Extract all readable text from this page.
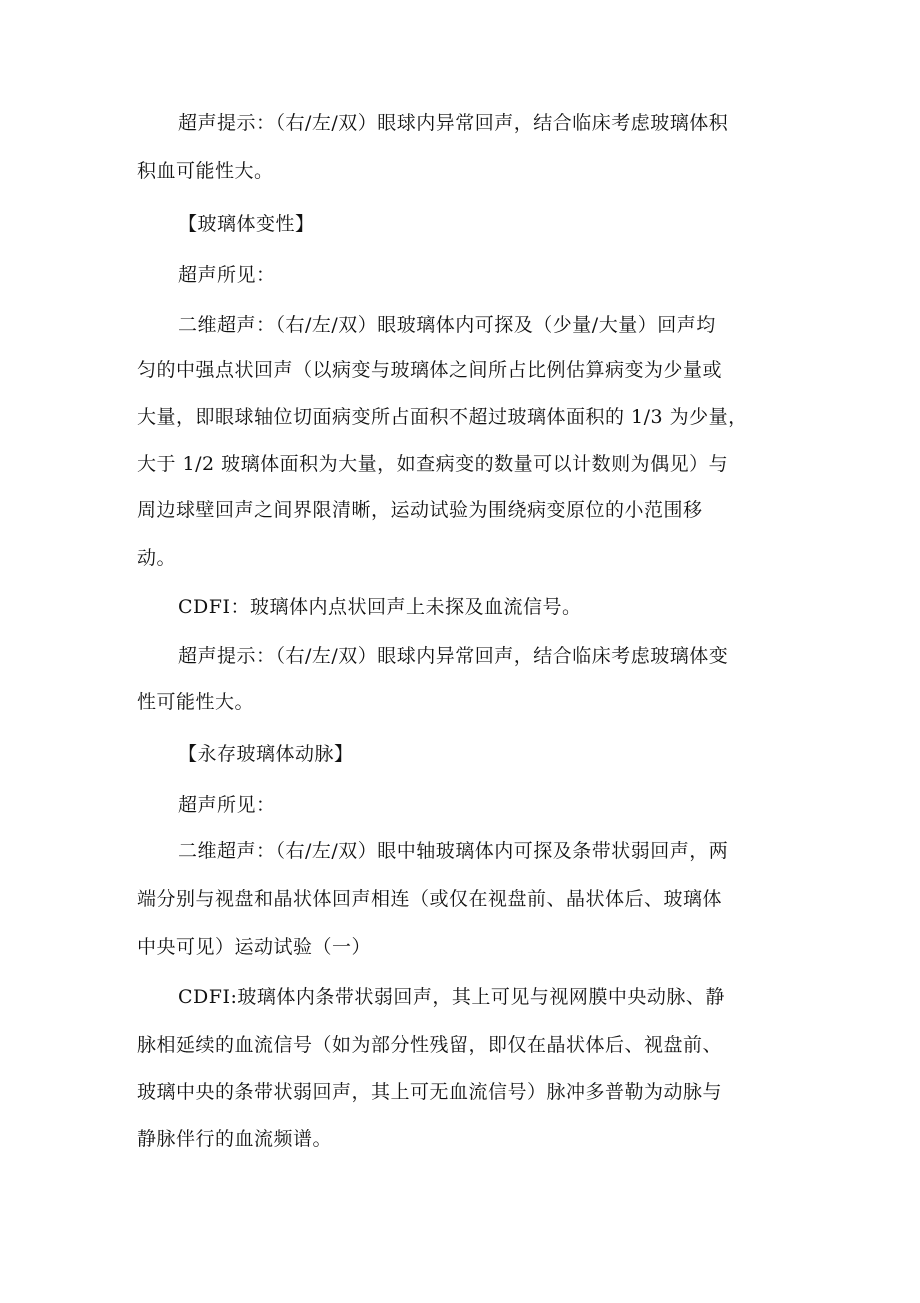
超声提示：（右/左/双）眼球内异常回声，结合临床考虑玻璃体积
积血可能性大。
【玻璃体变性】
超声所见：
二维超声：（右/左/双）眼玻璃体内可探及（少量/大量）回声均
匀的中强点状回声（以病变与玻璃体之间所占比例估算病变为少量或
大量，即眼球轴位切面病变所占面积不超过玻璃体面积的 1/3 为少量，
大于 1/2 玻璃体面积为大量，如查病变的数量可以计数则为偶见）与
周边球壁回声之间界限清晰，运动试验为围绕病变原位的小范围移
动。
CDFI：玻璃体内点状回声上未探及血流信号。
超声提示：（右/左/双）眼球内异常回声，结合临床考虑玻璃体变
性可能性大。
【永存玻璃体动脉】
超声所见：
二维超声：（右/左/双）眼中轴玻璃体内可探及条带状弱回声，两
端分别与视盘和晶状体回声相连（或仅在视盘前、晶状体后、玻璃体
中央可见）运动试验（一）
CDFI:玻璃体内条带状弱回声，其上可见与视网膜中央动脉、静
脉相延续的血流信号（如为部分性残留，即仅在晶状体后、视盘前、
玻璃中央的条带状弱回声，其上可无血流信号）脉冲多普勒为动脉与
静脉伴行的血流频谱。
